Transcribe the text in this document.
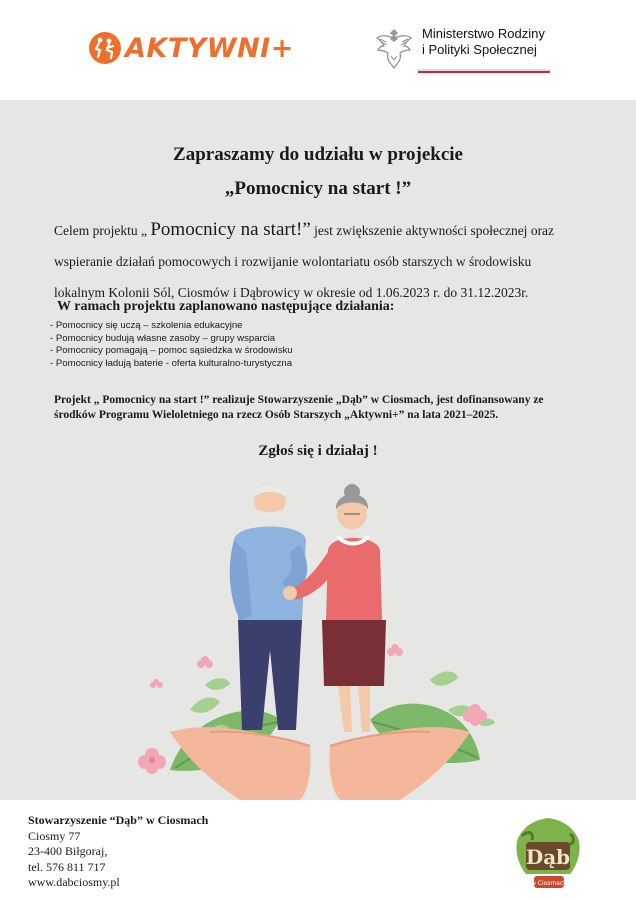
AKTYWNI+	Ministerstwo Rodziny
i Polityki Społecznej
Zapraszamy do udziału w projekcie
„Pomocnicy na start !”
Celem projektu „ Pomocnicy na start!” jest zwiększenie aktywności społecznej oraz
wspieranie działań pomocowych i rozwijanie wolontariatu osób starszych w środowisku
lokalnym Kolonii Sól, Ciosmów i Dąbrowicy w okresie od 1.06.2023 r. do 31.12.2023r.
W ramach projektu zaplanowano następujące działania:
- Pomocnicy się uczą – szkolenia edukacyjne
- Pomocnicy budują własne zasoby – grupy wsparcia
- Pomocnicy pomagają – pomoc sąsiedzka w środowisku
- Pomocnicy ładują baterie - oferta kulturalno-turystyczna
Projekt „ Pomocnicy na start !” realizuje Stowarzyszenie „Dąb” w Ciosmach, jest dofinansowany ze
środków Programu Wieloletniego na rzecz Osób Starszych „Aktywni+” na lata 2021–2025.
Zgłoś się i działaj !
Stowarzyszenie “Dąb” w Ciosmach
Ciosmy 77
23-400 Biłgoraj,
tel. 576 811 717
www.dabciosmy.pl
Dąb
w Ciosmach
